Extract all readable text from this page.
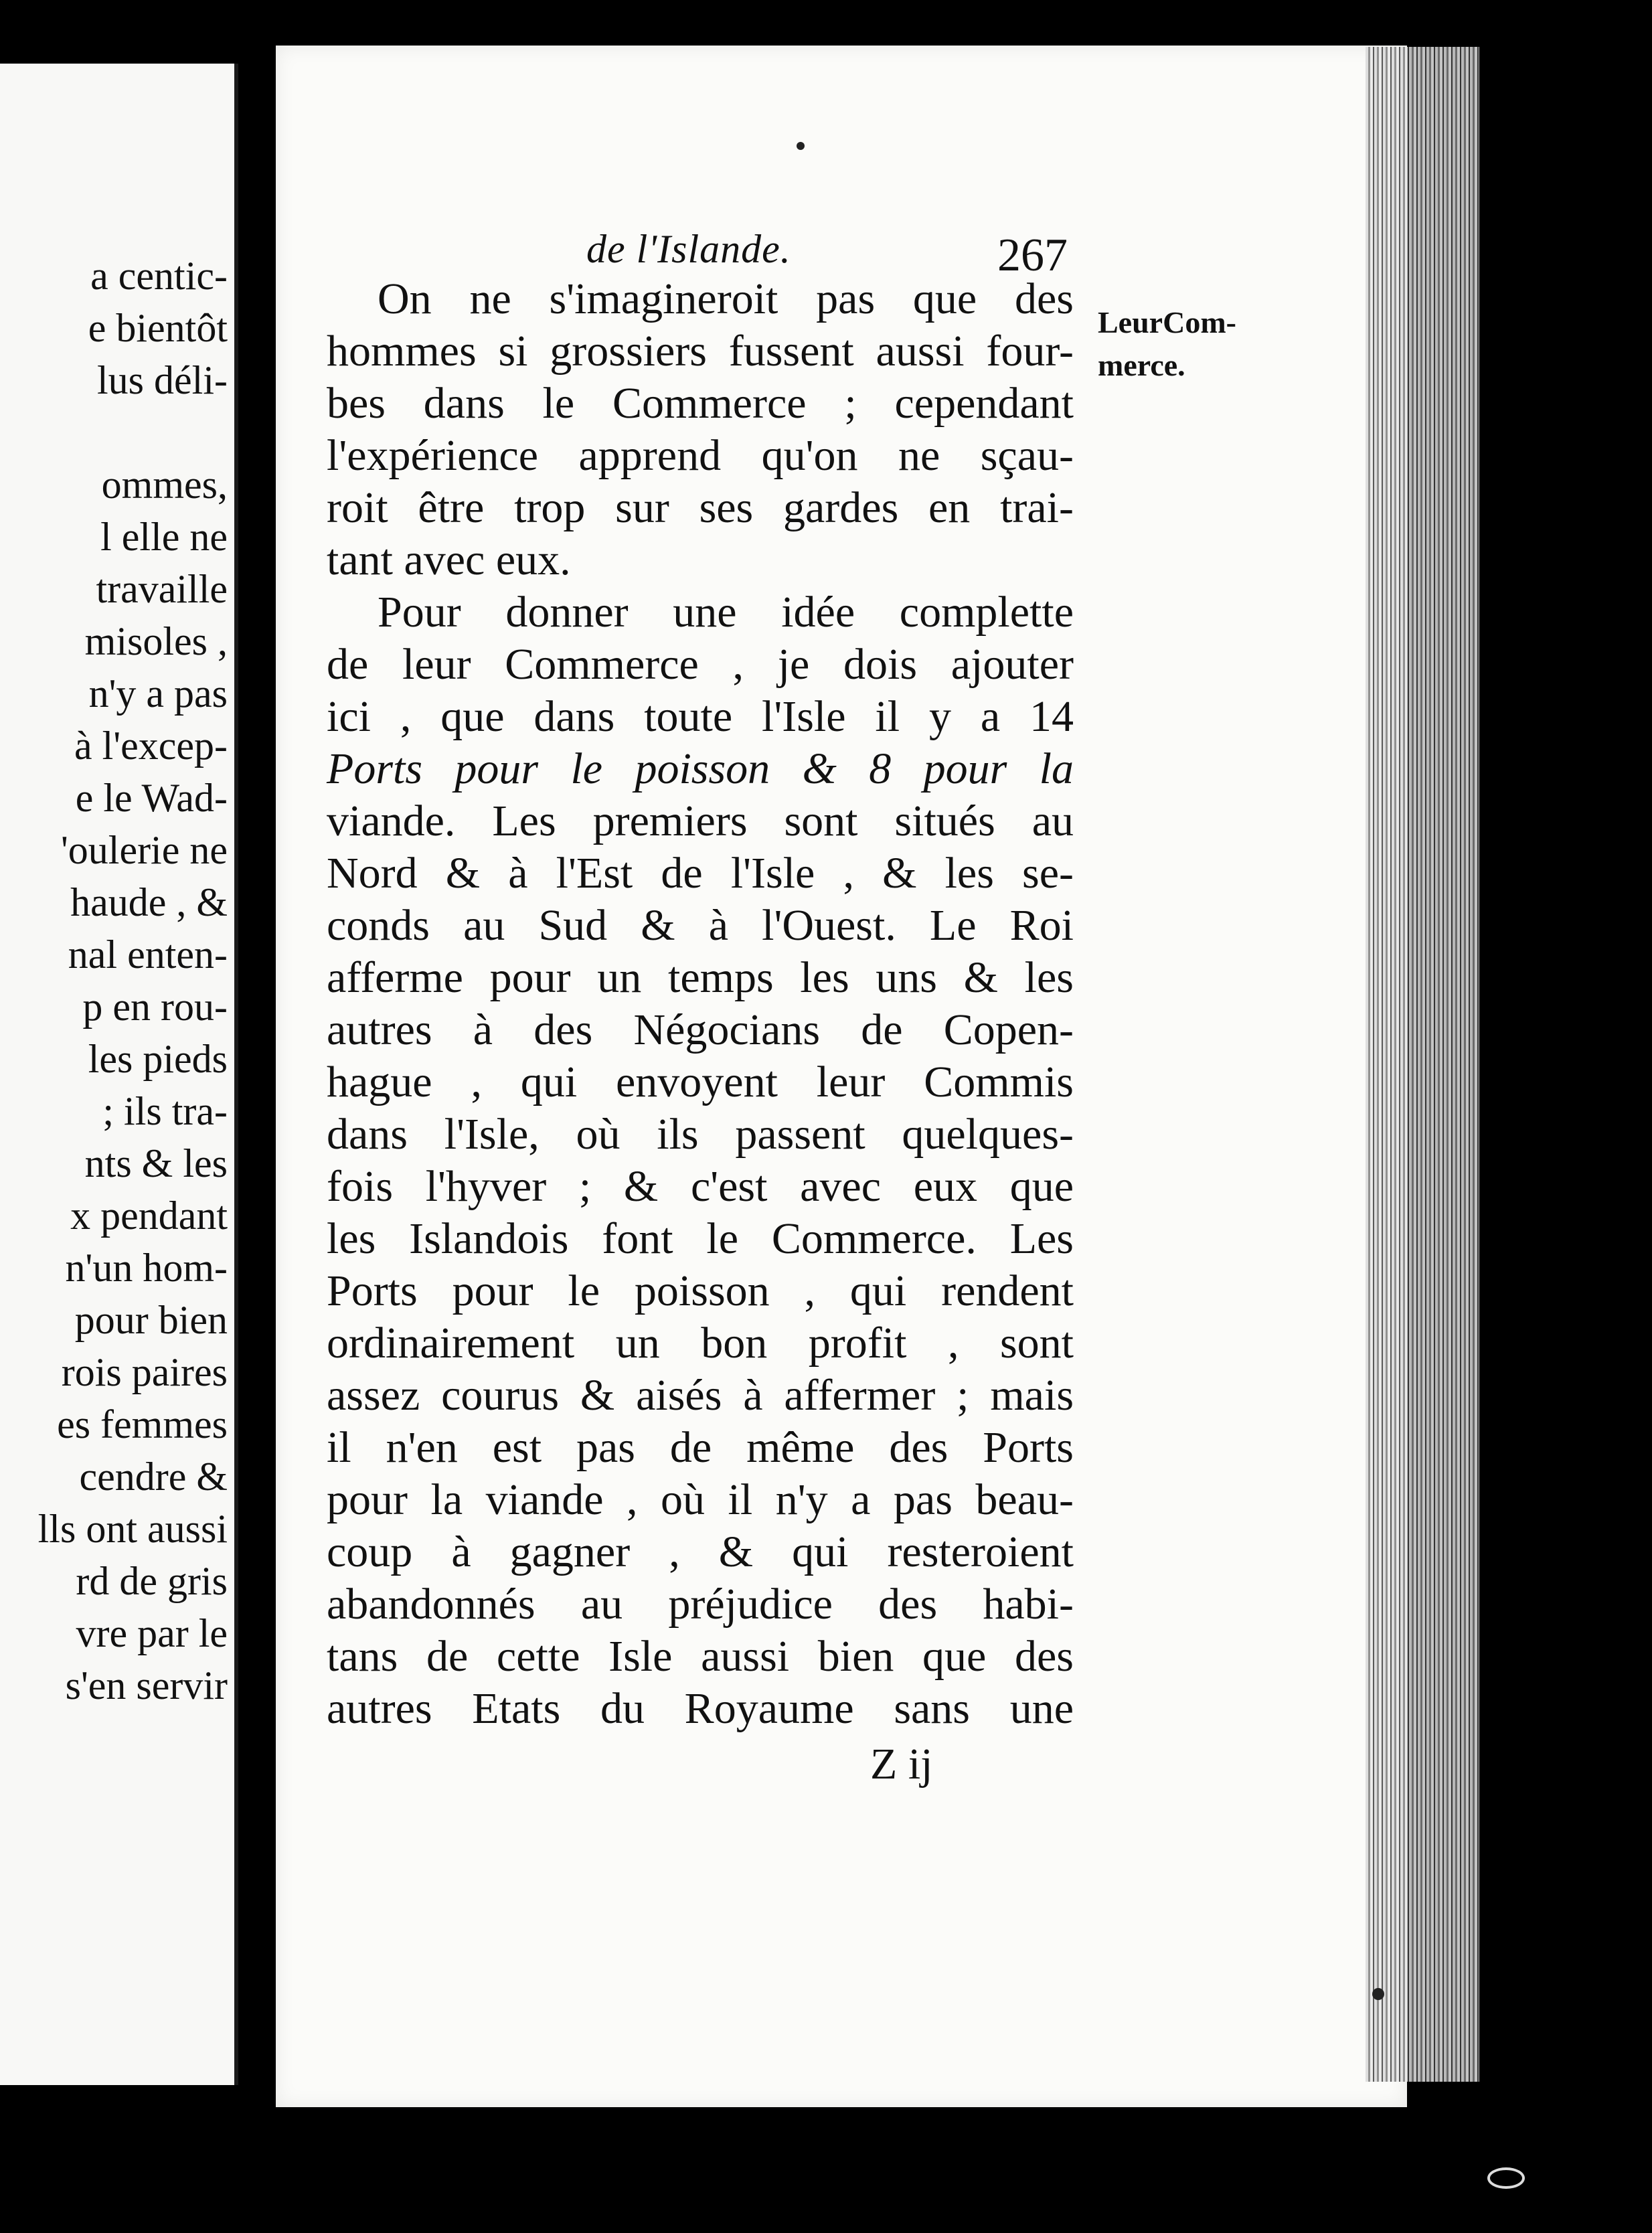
a centic-
e bientôt
lus déli-
ommes,
l elle ne
travaille
misoles ,
n'y a pas
à l'excep-
e le Wad-
'oulerie ne
haude , &
nal enten-
p en rou-
les pieds
; ils tra-
nts & les
x pendant
n'un hom-
pour bien
rois paires
es femmes
cendre &
lls ont aussi
rd de gris
vre par le
s'en servir
de l'Islande.	267
LeurCom-
merce.
On ne s'imagineroit pas que des
hommes si grossiers fussent aussi four-
bes dans le Commerce ; cependant
l'expérience apprend qu'on ne sçau-
roit être trop sur ses gardes en trai-
tant avec eux.
Pour donner une idée complette
de leur Commerce , je dois ajouter
ici , que dans toute l'Isle il y a 14
Ports pour le poisson & 8 pour la
viande. Les premiers sont situés au
Nord & à l'Est de l'Isle , & les se-
conds au Sud & à l'Ouest. Le Roi
afferme pour un temps les uns & les
autres à des Négocians de Copen-
hague , qui envoyent leur Commis
dans l'Isle, où ils passent quelques-
fois l'hyver ; & c'est avec eux que
les Islandois font le Commerce. Les
Ports pour le poisson , qui rendent
ordinairement un bon profit , sont
assez courus & aisés à affermer ; mais
il n'en est pas de même des Ports
pour la viande , où il n'y a pas beau-
coup à gagner , & qui resteroient
abandonnés au préjudice des habi-
tans de cette Isle aussi bien que des
autres Etats du Royaume sans une
Z ij
